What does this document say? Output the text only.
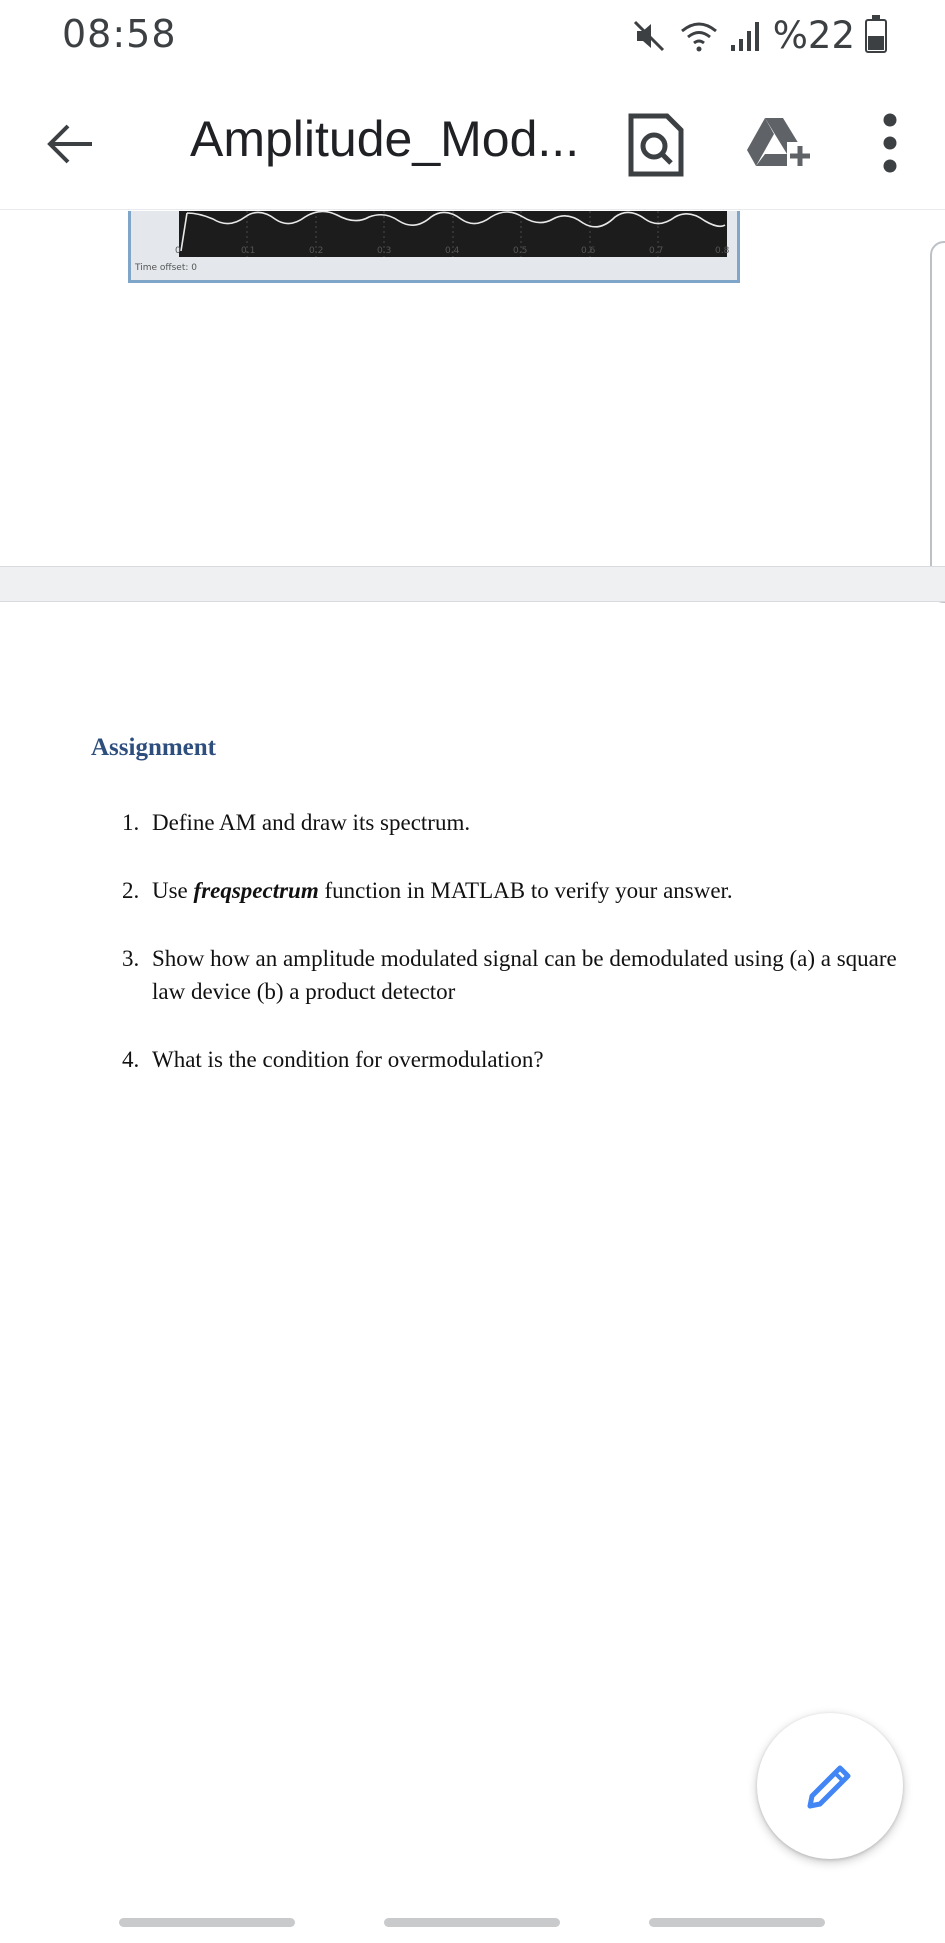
08:58	%22
Amplitude_Mod...
0	0.1	0.2	0.3	0.4	0.5	0.6	0.7	0.8
Time offset: 0
Assignment
1. Define AM and draw its spectrum.
2. Use freqspectrum function in MATLAB to verify your answer.
3. Show how an amplitude modulated signal can be demodulated using (a) a square law device (b) a product detector
4. What is the condition for overmodulation?
